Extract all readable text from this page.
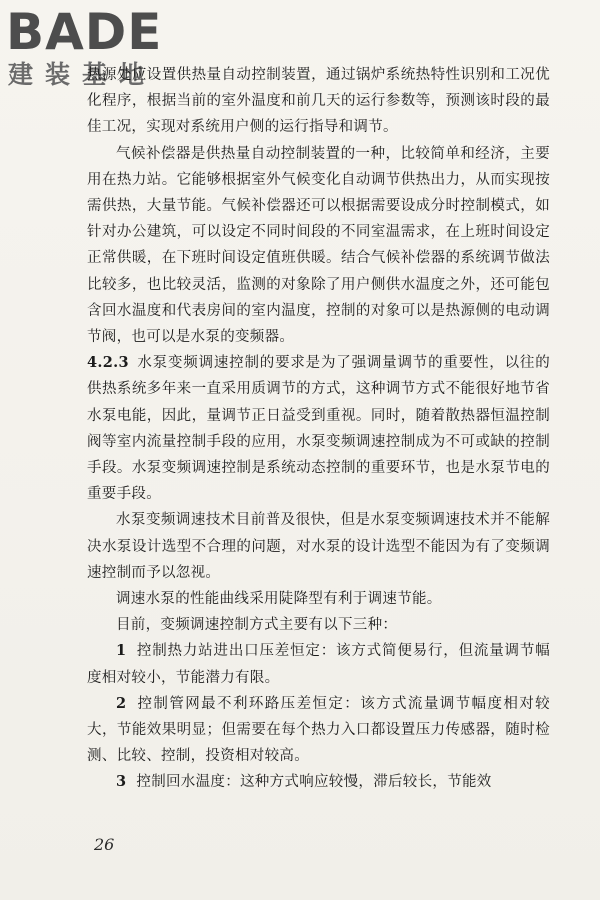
BADE
建装基地

热源处应设置供热量自动控制装置，通过锅炉系统热特性识别和工况优化程序，根据当前的室外温度和前几天的运行参数等，预测该时段的最佳工况，实现对系统用户侧的运行指导和调节。

气候补偿器是供热量自动控制装置的一种，比较简单和经济，主要用在热力站。它能够根据室外气候变化自动调节供热出力，从而实现按需供热，大量节能。气候补偿器还可以根据需要设成分时控制模式，如针对办公建筑，可以设定不同时间段的不同室温需求，在上班时间设定正常供暖，在下班时间设定值班供暖。结合气候补偿器的系统调节做法比较多，也比较灵活，监测的对象除了用户侧供水温度之外，还可能包含回水温度和代表房间的室内温度，控制的对象可以是热源侧的电动调节阀，也可以是水泵的变频器。

4.2.3 水泵变频调速控制的要求是为了强调量调节的重要性，以往的供热系统多年来一直采用质调节的方式，这种调节方式不能很好地节省水泵电能，因此，量调节正日益受到重视。同时，随着散热器恒温控制阀等室内流量控制手段的应用，水泵变频调速控制成为不可或缺的控制手段。水泵变频调速控制是系统动态控制的重要环节，也是水泵节电的重要手段。

水泵变频调速技术目前普及很快，但是水泵变频调速技术并不能解决水泵设计选型不合理的问题，对水泵的设计选型不能因为有了变频调速控制而予以忽视。

调速水泵的性能曲线采用陡降型有利于调速节能。

目前，变频调速控制方式主要有以下三种：

1 控制热力站进出口压差恒定：该方式简便易行，但流量调节幅度相对较小，节能潜力有限。

2 控制管网最不利环路压差恒定：该方式流量调节幅度相对较大，节能效果明显；但需要在每个热力入口都设置压力传感器，随时检测、比较、控制，投资相对较高。

3 控制回水温度：这种方式响应较慢，滞后较长，节能效

26
